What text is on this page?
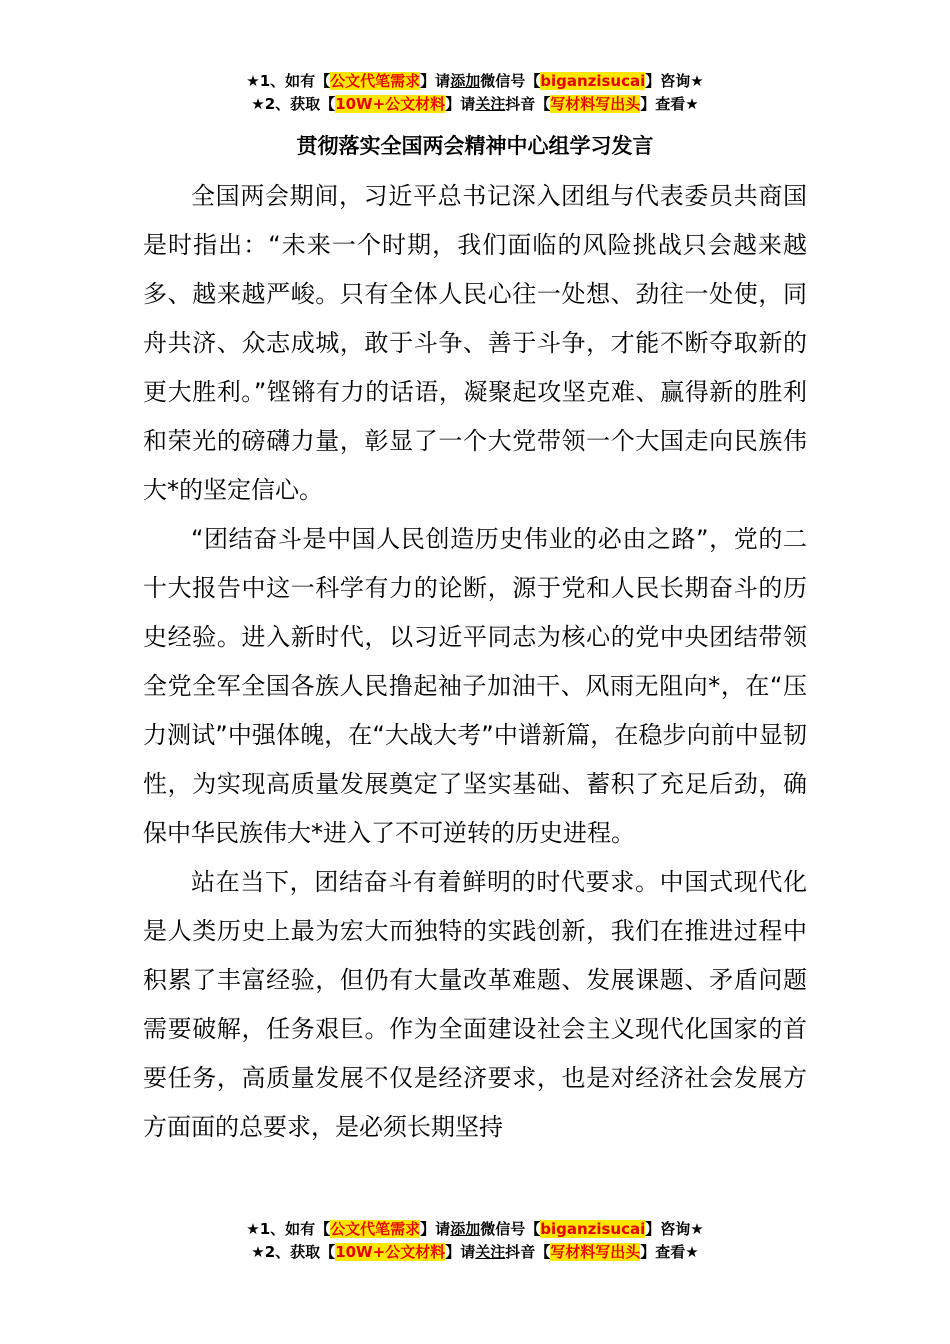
★1、如有【公文代笔需求】请添加微信号【biganzisucai】咨询★
★2、获取【10W+公文材料】请关注抖音【写材料写出头】查看★
贯彻落实全国两会精神中心组学习发言

全国两会期间，习近平总书记深入团组与代表委员共商国是时指出：“未来一个时期，我们面临的风险挑战只会越来越多、越来越严峻。只有全体人民心往一处想、劲往一处使，同舟共济、众志成城，敢于斗争、善于斗争，才能不断夺取新的更大胜利。”铿锵有力的话语，凝聚起攻坚克难、赢得新的胜利和荣光的磅礴力量，彰显了一个大党带领一个大国走向民族伟大*的坚定信心。

“团结奋斗是中国人民创造历史伟业的必由之路”，党的二十大报告中这一科学有力的论断，源于党和人民长期奋斗的历史经验。进入新时代，以习近平同志为核心的党中央团结带领全党全军全国各族人民撸起袖子加油干、风雨无阻向*，在“压力测试”中强体魄，在“大战大考”中谱新篇，在稳步向前中显韧性，为实现高质量发展奠定了坚实基础、蓄积了充足后劲，确保中华民族伟大*进入了不可逆转的历史进程。

站在当下，团结奋斗有着鲜明的时代要求。中国式现代化是人类历史上最为宏大而独特的实践创新，我们在推进过程中积累了丰富经验，但仍有大量改革难题、发展课题、矛盾问题需要破解，任务艰巨。作为全面建设社会主义现代化国家的首要任务，高质量发展不仅是经济要求，也是对经济社会发展方方面面的总要求，是必须长期坚持

★1、如有【公文代笔需求】请添加微信号【biganzisucai】咨询★
★2、获取【10W+公文材料】请关注抖音【写材料写出头】查看★
